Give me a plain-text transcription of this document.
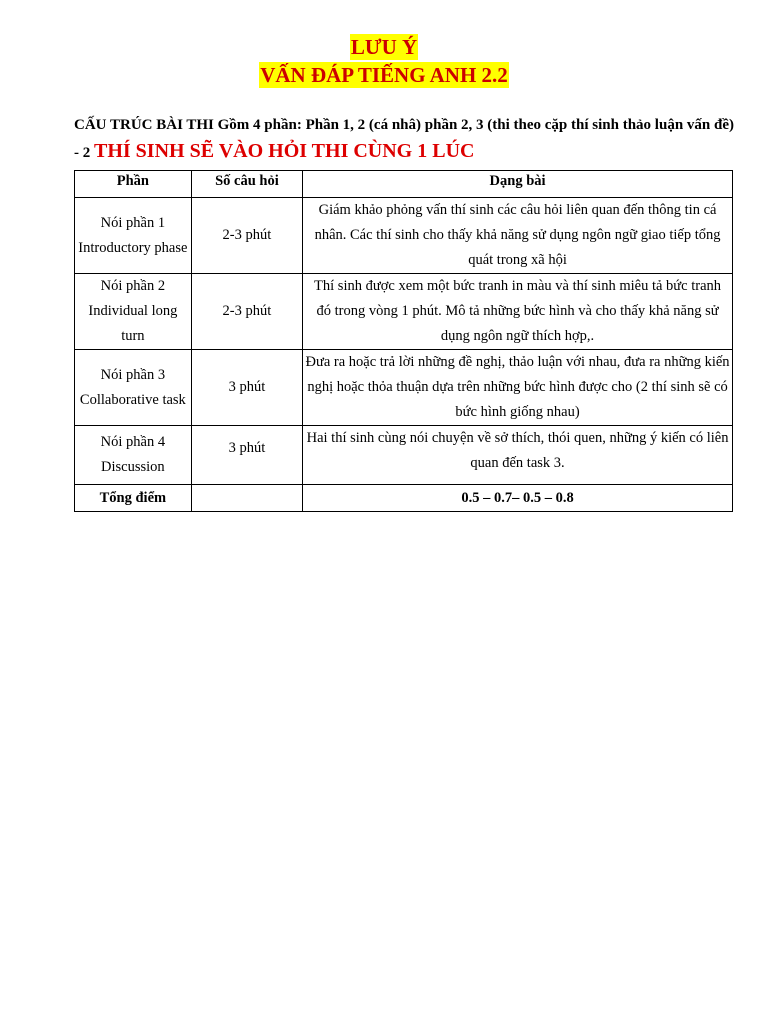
LƯU Ý
VẤN ĐÁP TIẾNG ANH 2.2
CẤU TRÚC BÀI THI Gồm 4 phần: Phần 1, 2 (cá nhâ) phần 2, 3 (thi theo cặp thí sinh thảo luận vấn đề) - 2 THÍ SINH SẼ VÀO HỎI THI CÙNG 1 LÚC
Phần	Số câu hỏi	Dạng bài

Nói phần 1
Introductory phase	2-3 phút	Giám khảo phỏng vấn thí sinh các câu hỏi liên quan đến thông tin cá nhân. Các thí sinh cho thấy khả năng sử dụng ngôn ngữ giao tiếp tổng quát trong xã hội

Nói phần 2
Individual long turn	2-3 phút	Thí sinh được xem một bức tranh in màu và thí sinh miêu tả bức tranh đó trong vòng 1 phút. Mô tả những bức hình và cho thấy khả năng sử dụng ngôn ngữ thích hợp,.

Nói phần 3
Collaborative task	3 phút	Đưa ra hoặc trả lời những đề nghị, thảo luận với nhau, đưa ra những kiến nghị hoặc thỏa thuận dựa trên những bức hình được cho (2 thí sinh sẽ có bức hình giống nhau)

Nói phần 4
Discussion	3 phút	Hai thí sinh cùng nói chuyện về sở thích, thói quen, những ý kiến có liên quan đến task 3.
Tổng điểm		0.5 – 0.7– 0.5 – 0.8
